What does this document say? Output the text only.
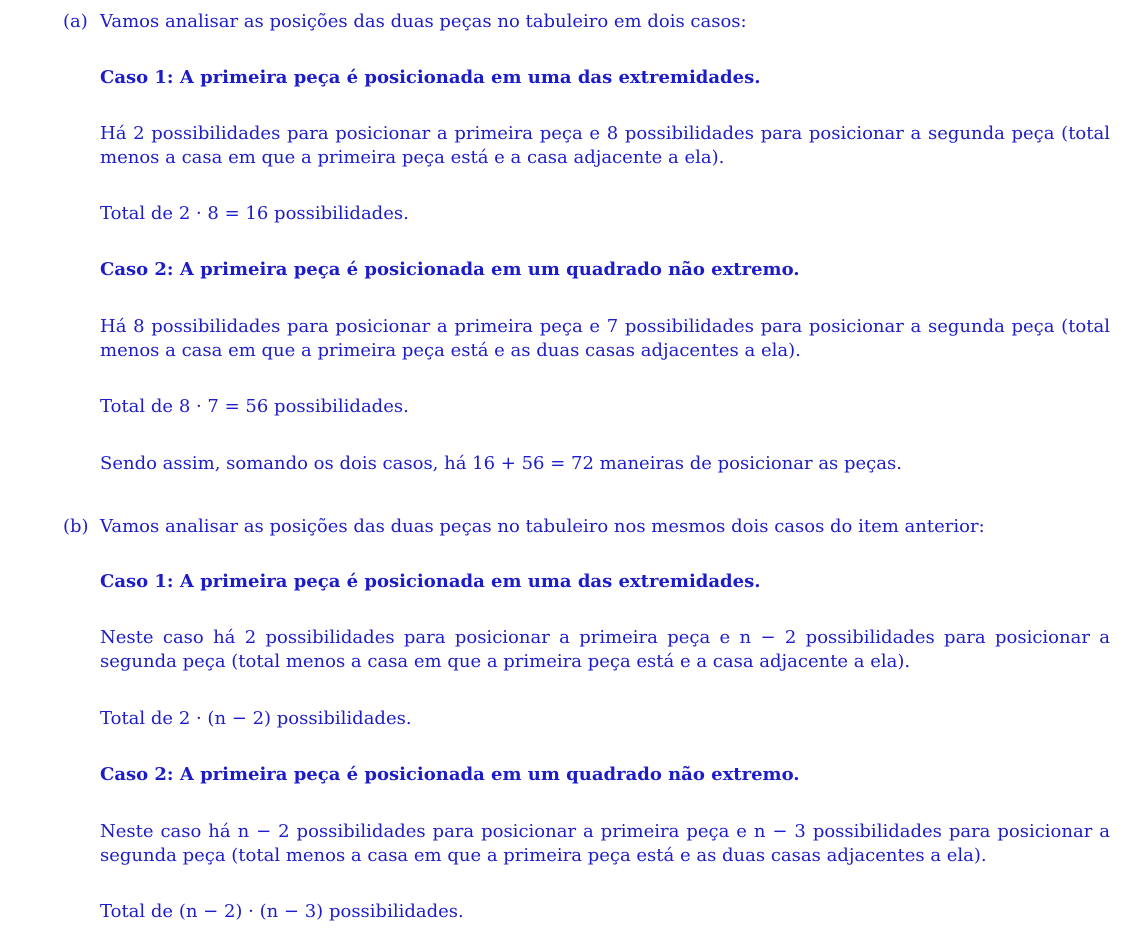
(a) Vamos analisar as posições das duas peças no tabuleiro em dois casos:
Caso 1: A primeira peça é posicionada em uma das extremidades.
Há 2 possibilidades para posicionar a primeira peça e 8 possibilidades para posicionar a segunda peça (total menos a casa em que a primeira peça está e a casa adjacente a ela).
Total de 2 · 8 = 16 possibilidades.
Caso 2: A primeira peça é posicionada em um quadrado não extremo.
Há 8 possibilidades para posicionar a primeira peça e 7 possibilidades para posicionar a segunda peça (total menos a casa em que a primeira peça está e as duas casas adjacentes a ela).
Total de 8 · 7 = 56 possibilidades.
Sendo assim, somando os dois casos, há 16 + 56 = 72 maneiras de posicionar as peças.
(b) Vamos analisar as posições das duas peças no tabuleiro nos mesmos dois casos do item anterior:
Caso 1: A primeira peça é posicionada em uma das extremidades.
Neste caso há 2 possibilidades para posicionar a primeira peça e n − 2 possibilidades para posicionar a segunda peça (total menos a casa em que a primeira peça está e a casa adjacente a ela).
Total de 2 · (n − 2) possibilidades.
Caso 2: A primeira peça é posicionada em um quadrado não extremo.
Neste caso há n − 2 possibilidades para posicionar a primeira peça e n − 3 possibilidades para posicionar a segunda peça (total menos a casa em que a primeira peça está e as duas casas adjacentes a ela).
Total de (n − 2) · (n − 3) possibilidades.
